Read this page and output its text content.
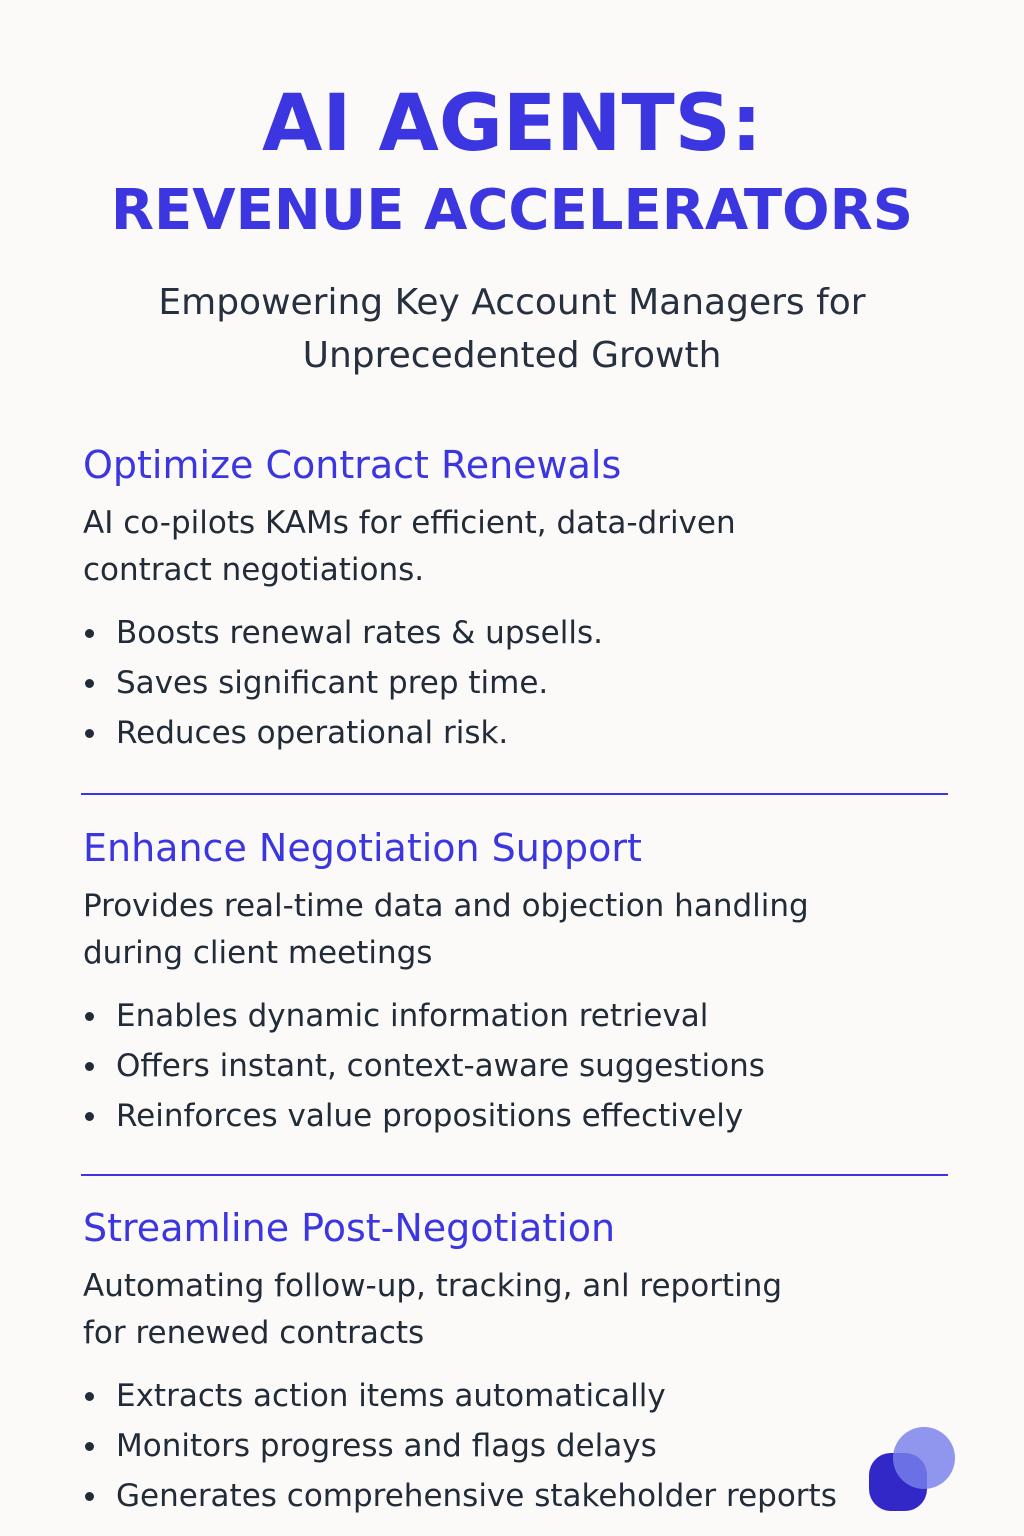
AI AGENTS:
REVENUE ACCELERATORS
Empowering Key Account Managers for Unprecedented Growth
Optimize Contract Renewals

AI co-pilots KAMs for efficient, data-driven contract negotiations.

Boosts renewal rates & upsells.
Saves significant prep time.
Reduces operational risk.
Enhance Negotiation Support

Provides real-time data and objection handling during client meetings

Enables dynamic information retrieval
Offers instant, context-aware suggestions
Reinforces value propositions effectively
Streamline Post-Negotiation

Automating follow-up, tracking, anl reporting for renewed contracts

Extracts action items automatically
Monitors progress and flags delays
Generates comprehensive stakeholder reports
